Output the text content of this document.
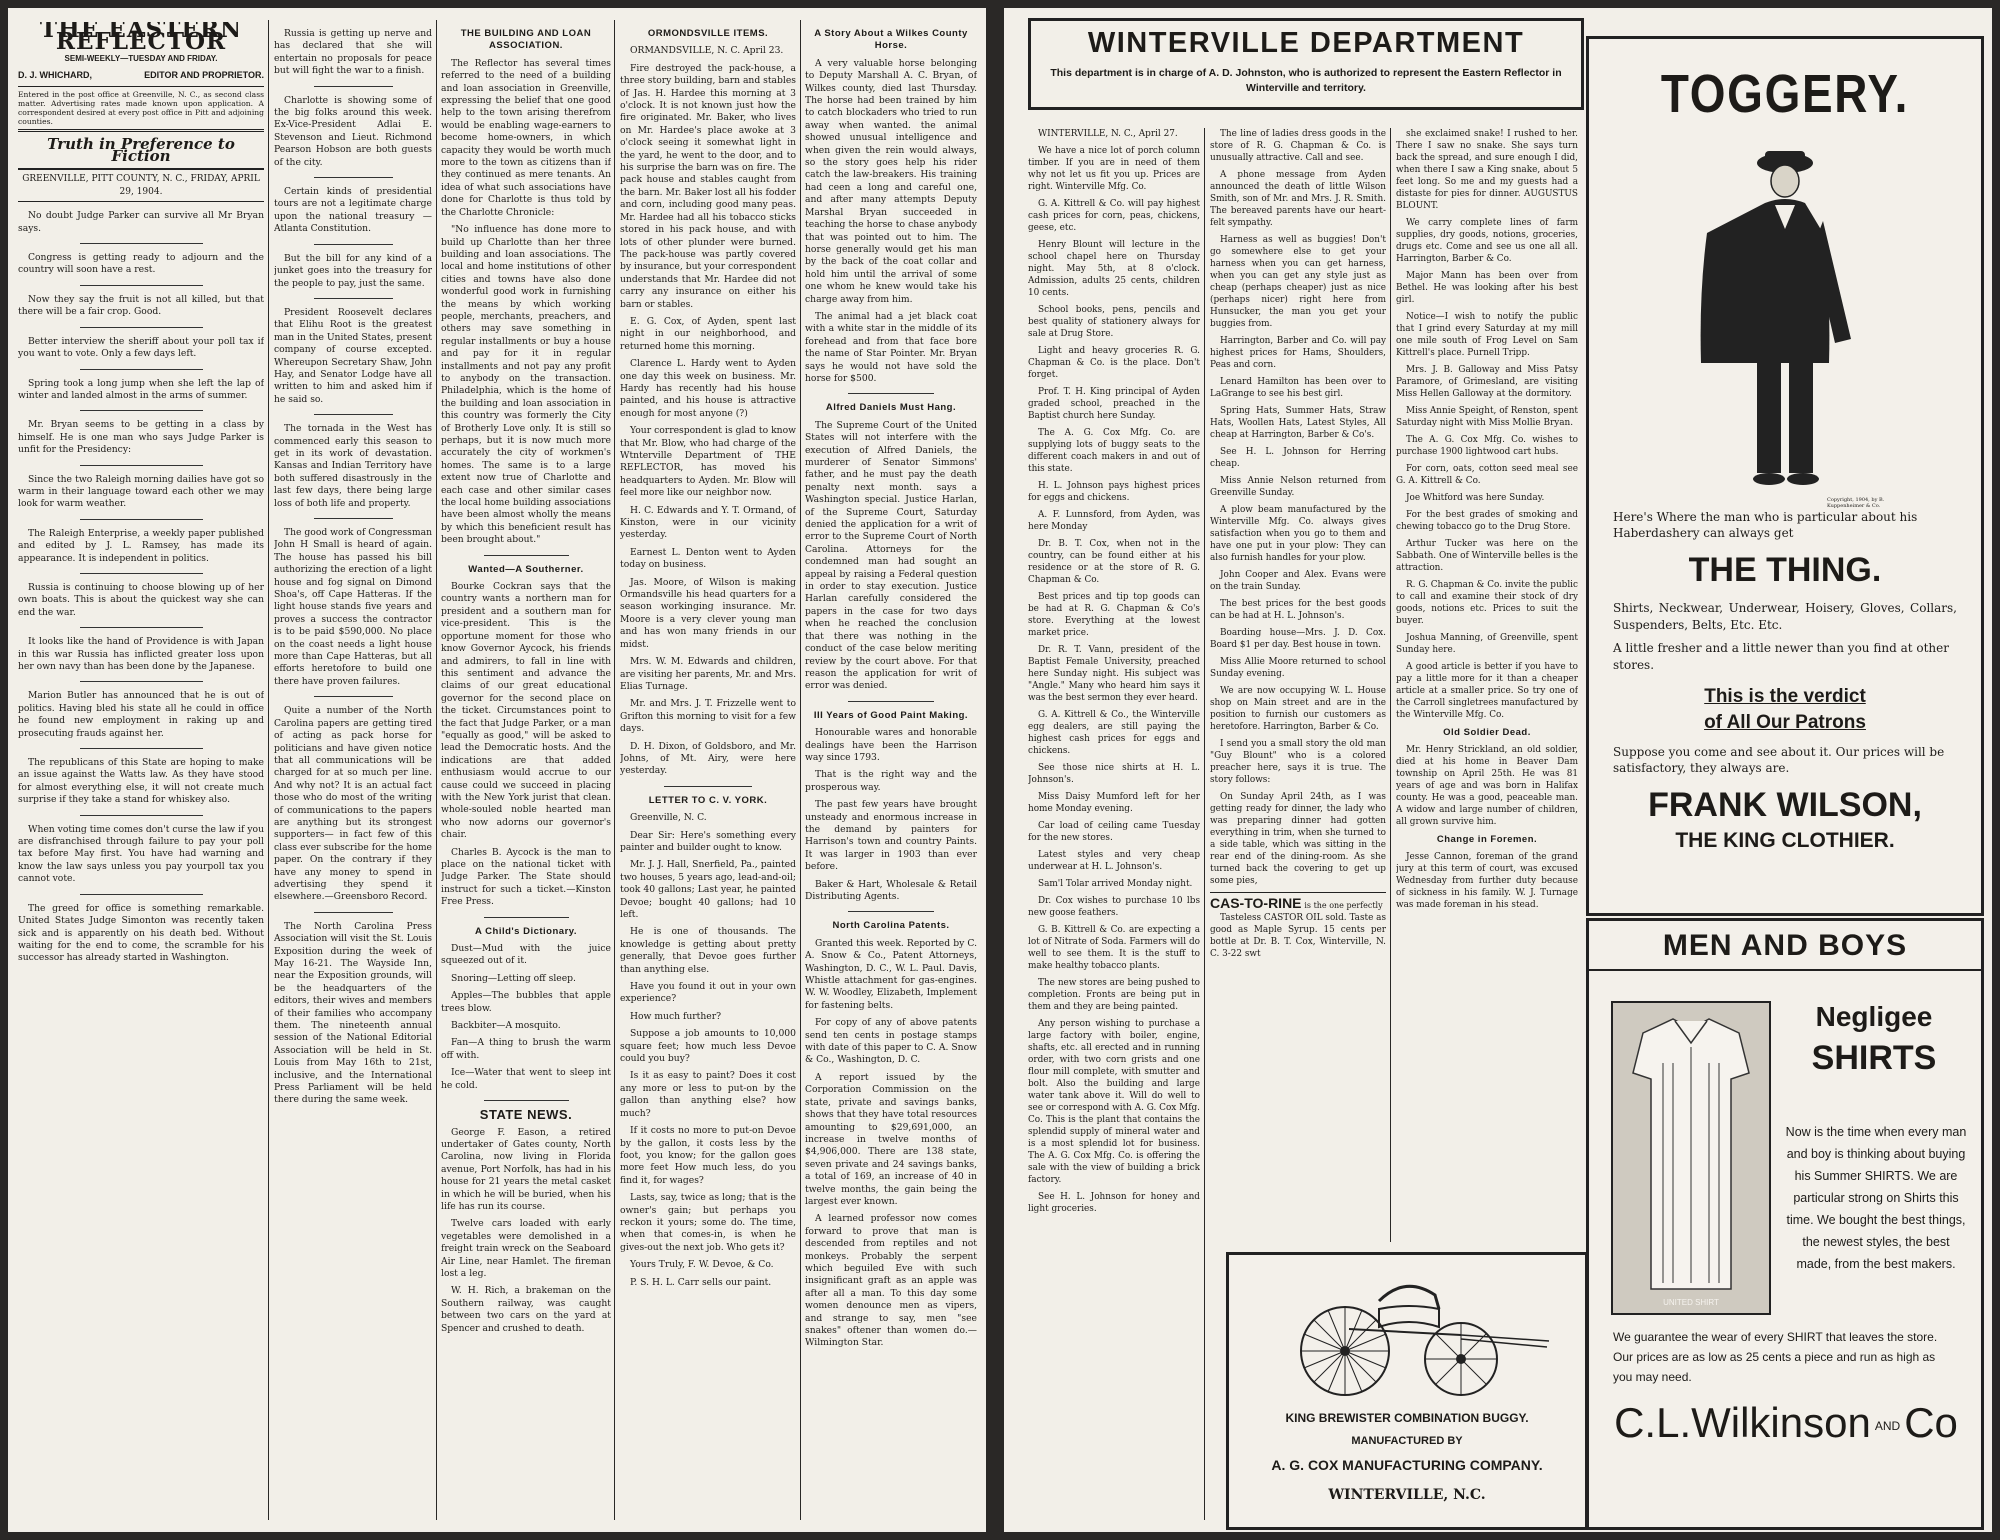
THE EASTERN REFLECTOR
SEMI-WEEKLY—TUESDAY AND FRIDAY.
D. J. WHICHARD,	EDITOR AND PROPRIETOR.
Entered in the post office at Greenville, N. C., as second class matter. Advertising rates made known upon application. A correspondent desired at every post office in Pitt and adjoining counties.
Truth in Preference to Fiction
GREENVILLE, PITT COUNTY, N. C., FRIDAY, APRIL 29, 1904.

No doubt Judge Parker can survive all Mr Bryan says.

Congress is getting ready to adjourn and the country will soon have a rest.

Now they say the fruit is not all killed, but that there will be a fair crop. Good.

Better interview the sheriff about your poll tax if you want to vote. Only a few days left.

Spring took a long jump when she left the lap of winter and landed almost in the arms of summer.

Mr. Bryan seems to be getting in a class by himself. He is one man who says Judge Parker is unfit for the Presidency:

Since the two Raleigh morning dailies have got so warm in their language toward each other we may look for warm weather.

The Raleigh Enterprise, a weekly paper published and edited by J. L. Ramsey, has made its appearance. It is independent in politics.

Russia is continuing to choose blowing up of her own boats. This is about the quickest way she can end the war.

It looks like the hand of Providence is with Japan in this war Russia has inflicted greater loss upon her own navy than has been done by the Japanese.

Marion Butler has announced that he is out of politics. Having bled his state all he could in office he found new employment in raking up and prosecuting frauds against her.

The republicans of this State are hoping to make an issue against the Watts law. As they have stood for almost everything else, it will not create much surprise if they take a stand for whiskey also.

When voting time comes don't curse the law if you are disfranchised through failure to pay your poll tax before May first. You have had warning and know the law says unless you pay yourpoll tax you cannot vote.

The greed for office is something remarkable. United States Judge Simonton was recently taken sick and is apparently on his death bed. Without waiting for the end to come, the scramble for his successor has already started in Washington.

Russia is getting up nerve and has declared that she will entertain no proposals for peace but will fight the war to a finish.

Charlotte is showing some of the big folks around this week. Ex-Vice-President Adlai E. Stevenson and Lieut. Richmond Pearson Hobson are both guests of the city.

Certain kinds of presidential tours are not a legitimate charge upon the national treasury —Atlanta Constitution.

But the bill for any kind of a junket goes into the treasury for the people to pay, just the same.

President Roosevelt declares that Elihu Root is the greatest man in the United States, present company of course excepted. Whereupon Secretary Shaw, John Hay, and Senator Lodge have all written to him and asked him if he said so.

The tornada in the West has commenced early this season to get in its work of devastation. Kansas and Indian Territory have both suffered disastrously in the last few days, there being large loss of both life and property.

The good work of Congressman John H Small is heard of again. The house has passed his bill authorizing the erection of a light house and fog signal on Dimond Shoa's, off Cape Hatteras. If the light house stands five years and proves a success the contractor is to be paid $590,000. No place on the coast needs a light house more than Cape Hatteras, but all efforts heretofore to build one there have proven failures.

Quite a number of the North Carolina papers are getting tired of acting as pack horse for politicians and have given notice that all communications will be charged for at so much per line. And why not? It is an actual fact those who do most of the writing of communications to the papers are anything but its strongest supporters— in fact few of this class ever subscribe for the home paper. On the contrary if they have any money to spend in advertising they spend it elsewhere.—Greensboro Record.

The North Carolina Press Association will visit the St. Louis Exposition during the week of May 16-21. The Wayside Inn, near the Exposition grounds, will be the headquarters of the editors, their wives and members of their families who accompany them. The nineteenth annual session of the National Editorial Association will be held in St. Louis from May 16th to 21st, inclusive, and the International Press Parliament will be held there during the same week.

THE BUILDING AND LOAN ASSOCIATION.

The Reflector has several times referred to the need of a building and loan association in Greenville, expressing the belief that one good help to the town arising therefrom would be enabling wage-earners to become home-owners, in which capacity they would be worth much more to the town as citizens than if they continued as mere tenants. An idea of what such associations have done for Charlotte is thus told by the Charlotte Chronicle:

"No influence has done more to build up Charlotte than her three building and loan associations. The local and home institutions of other cities and towns have also done wonderful good work in furnishing the means by which working people, merchants, preachers, and others may save something in regular installments or buy a house and pay for it in regular installments and not pay any profit to anybody on the transaction. Philadelphia, which is the home of the building and loan association in this country was formerly the City of Brotherly Love only. It is still so perhaps, but it is now much more accurately the city of workmen's homes. The same is to a large extent now true of Charlotte and each case and other similar cases the local home building associations have been almost wholly the means by which this beneficient result has been brought about."

Wanted—A Southerner.

Bourke Cockran says that the country wants a northern man for president and a southern man for vice-president. This is the opportune moment for those who know Governor Aycock, his friends and admirers, to fall in line with this sentiment and advance the claims of our great educational governor for the second place on the ticket. Circumstances point to the fact that Judge Parker, or a man "equally as good," will be asked to lead the Democratic hosts. And the indications are that added enthusiasm would accrue to our cause could we succeed in placing with the New York jurist that clean. whole-souled noble hearted man who now adorns our governor's chair.

Charles B. Aycock is the man to place on the national ticket with Judge Parker. The State should instruct for such a ticket.—Kinston Free Press.

A Child's Dictionary.

Dust—Mud with the juice squeezed out of it.

Snoring—Letting off sleep.

Apples—The bubbles that apple trees blow.

Backbiter—A mosquito.

Fan—A thing to brush the warm off with.

Ice—Water that went to sleep int he cold.

STATE NEWS.

George F. Eason, a retired undertaker of Gates county, North Carolina, now living in Florida avenue, Port Norfolk, has had in his house for 21 years the metal casket in which he will be buried, when his life has run its course.

Twelve cars loaded with early vegetables were demolished in a freight train wreck on the Seaboard Air Line, near Hamlet. The fireman lost a leg.

W. H. Rich, a brakeman on the Southern railway, was caught between two cars on the yard at Spencer and crushed to death.

ORMONDSVILLE ITEMS.

ORMANDSVILLE, N. C. April 23.

Fire destroyed the pack-house, a three story building, barn and stables of Jas. H. Hardee this morning at 3 o'clock. It is not known just how the fire originated. Mr. Baker, who lives on Mr. Hardee's place awoke at 3 o'clock seeing it somewhat light in the yard, he went to the door, and to his surprise the barn was on fire. The pack house and stables caught from the barn. Mr. Baker lost all his fodder and corn, including good many peas. Mr. Hardee had all his tobacco sticks stored in his pack house, and with lots of other plunder were burned. The pack-house was partly covered by insurance, but your correspondent understands that Mr. Hardee did not carry any insurance on either his barn or stables.

E. G. Cox, of Ayden, spent last night in our neighborhood, and returned home this morning.

Clarence L. Hardy went to Ayden one day this week on business. Mr. Hardy has recently had his house painted, and his house is attractive enough for most anyone (?)

Your correspondent is glad to know that Mr. Blow, who had charge of the Wtnterville Department of THE REFLECTOR, has moved his headquarters to Ayden. Mr. Blow will feel more like our neighbor now.

H. C. Edwards and Y. T. Ormand, of Kinston, were in our vicinity yesterday.

Earnest L. Denton went to Ayden today on business.

Jas. Moore, of Wilson is making Ormandsville his head quarters for a season workinging insurance. Mr. Moore is a very clever young man and has won many friends in our midst.

Mrs. W. M. Edwards and children, are visiting her parents, Mr. and Mrs. Elias Turnage.

Mr. and Mrs. J. T. Frizzelle went to Grifton this morning to visit for a few days.

D. H. Dixon, of Goldsboro, and Mr. Johns, of Mt. Airy, were here yesterday.

LETTER TO C. V. YORK.

Greenville, N. C.

Dear Sir: Here's something every painter and builder ought to know.

Mr. J. J. Hall, Snerfield, Pa., painted two houses, 5 years ago, lead-and-oil; took 40 gallons; Last year, he painted Devoe; bought 40 gallons; had 10 left.

He is one of thousands. The knowledge is getting about pretty generally, that Devoe goes further than anything else.

Have you found it out in your own experience?

How much further?

Suppose a job amounts to 10,000 square feet; how much less Devoe could you buy?

Is it as easy to paint? Does it cost any more or less to put-on by the gallon than anything else? how much?

If it costs no more to put-on Devoe by the gallon, it costs less by the foot, you know; for the gallon goes more feet How much less, do you find it, for wages?

Lasts, say, twice as long; that is the owner's gain; but perhaps you reckon it yours; some do. The time, when that comes-in, is when he gives-out the next job. Who gets it?

Yours Truly, F. W. Devoe, & Co.

P. S. H. L. Carr sells our paint.

A Story About a Wilkes County Horse.

A very valuable horse belonging to Deputy Marshall A. C. Bryan, of Wilkes county, died last Thursday. The horse had been trained by him to catch blockaders who tried to run away when wanted. the animal showed unusual intelligence and when given the rein would always, so the story goes help his rider catch the law-breakers. His training had ceen a long and careful one, and after many attempts Deputy Marshal Bryan succeeded in teaching the horse to chase anybody that was pointed out to him. The horse generally would get his man by the back of the coat collar and hold him until the arrival of some one whom he knew would take his charge away from him.

The animal had a jet black coat with a white star in the middle of its forehead and from that face bore the name of Star Pointer. Mr. Bryan says he would not have sold the horse for $500.

Alfred Daniels Must Hang.

The Supreme Court of the United States will not interfere with the execution of Alfred Daniels, the murderer of Senator Simmons' father, and he must pay the death penalty next month. says a Washington special. Justice Harlan, of the Supreme Court, Saturday denied the application for a writ of error to the Supreme Court of North Carolina. Attorneys for the condemned man had sought an appeal by raising a Federal question in order to stay execution. Justice Harlan carefully considered the papers in the case for two days when he reached the conclusion that there was nothing in the conduct of the case below meriting review by the court above. For that reason the application for writ of error was denied.

III Years of Good Paint Making.

Honourable wares and honorable dealings have been the Harrison way since 1793.

That is the right way and the prosperous way.

The past few years have brought unsteady and enormous increase in the demand by painters for Harrison's town and country Paints. It was larger in 1903 than ever before.

Baker & Hart, Wholesale & Retail Distributing Agents.

North Carolina Patents.

Granted this week. Reported by C. A. Snow & Co., Patent Attorneys, Washington, D. C., W. L. Paul. Davis, Whistle attachment for gas-engines. W. W. Woodley, Elizabeth, Implement for fastening belts.

For copy of any of above patents send ten cents in postage stamps with date of this paper to C. A. Snow & Co., Washington, D. C.

A report issued by the Corporation Commission on the state, private and savings banks, shows that they have total resources amounting to $29,691,000, an increase in twelve months of $4,906,000. There are 138 state, seven private and 24 savings banks, a total of 169, an increase of 40 in twelve months, the gain being the largest ever known.

A learned professor now comes forward to prove that man is descended from reptiles and not monkeys. Probably the serpent which beguiled Eve with such insignificant graft as an apple was after all a man. To this day some women denounce men as vipers, and strange to say, men "see snakes" oftener than women do.—Wilmington Star.

WINTERVILLE DEPARTMENT
This department is in charge of A. D. Johnston, who is authorized to represent the Eastern Reflector in Winterville and territory.

WINTERVILLE, N. C., April 27.

We have a nice lot of porch column timber. If you are in need of them why not let us fit you up. Prices are right. Winterville Mfg. Co.

G. A. Kittrell & Co. will pay highest cash prices for corn, peas, chickens, geese, etc.

Henry Blount will lecture in the school chapel here on Thursday night. May 5th, at 8 o'clock. Admission, adults 25 cents, children 10 cents.

School books, pens, pencils and best quality of stationery always for sale at Drug Store.

Light and heavy groceries R. G. Chapman & Co. is the place. Don't forget.

Prof. T. H. King principal of Ayden graded school, preached in the Baptist church here Sunday.

The A. G. Cox Mfg. Co. are supplying lots of buggy seats to the different coach makers in and out of this state.

H. L. Johnson pays highest prices for eggs and chickens.

A. F. Lunnsford, from Ayden, was here Monday

Dr. B. T. Cox, when not in the country, can be found either at his residence or at the store of R. G. Chapman & Co.

Best prices and tip top goods can be had at R. G. Chapman & Co's store. Everything at the lowest market price.

Dr. R. T. Vann, president of the Baptist Female University, preached here Sunday night. His subject was "Angle." Many who heard him says it was the best sermon they ever heard.

G. A. Kittrell & Co., the Winterville egg dealers, are still paying the highest cash prices for eggs and chickens.

See those nice shirts at H. L. Johnson's.

Miss Daisy Mumford left for her home Monday evening.

Car load of ceiling came Tuesday for the new stores.

Latest styles and very cheap underwear at H. L. Johnson's.

Sam'l Tolar arrived Monday night.

Dr. Cox wishes to purchase 10 lbs new goose feathers.

G. B. Kittrell & Co. are expecting a lot of Nitrate of Soda. Farmers will do well to see them. It is the stuff to make healthy tobacco plants.

The new stores are being pushed to completion. Fronts are being put in them and they are being painted.

Any person wishing to purchase a large factory with boiler, engine, shafts, etc. all erected and in running order, with two corn grists and one flour mill complete, with smutter and bolt. Also the building and large water tank above it. Will do well to see or correspond with A. G. Cox Mfg. Co. This is the plant that contains the splendid supply of mineral water and is a most splendid lot for business. The A. G. Cox Mfg. Co. is offering the sale with the view of building a brick factory.

See H. L. Johnson for honey and light groceries.

The line of ladies dress goods in the store of R. G. Chapman & Co. is unusually attractive. Call and see.

A phone message from Ayden announced the death of little Wilson Smith, son of Mr. and Mrs. J. R. Smith. The bereaved parents have our heart-felt sympathy.

Harness as well as buggies! Don't go somewhere else to get your harness when you can get harness, when you can get any style just as cheap (perhaps cheaper) just as nice (perhaps nicer) right here from Hunsucker, the man you get your buggies from.

Harrington, Barber and Co. will pay highest prices for Hams, Shoulders, Peas and corn.

Lenard Hamilton has been over to LaGrange to see his best girl.

Spring Hats, Summer Hats, Straw Hats, Woollen Hats, Latest Styles, All cheap at Harrington, Barber & Co's.

See H. L. Johnson for Herring cheap.

Miss Annie Nelson returned from Greenville Sunday.

A plow beam manufactured by the Winterville Mfg. Co. always gives satisfaction when you go to them and have one put in your plow: They can also furnish handles for your plow.

John Cooper and Alex. Evans were on the train Sunday.

The best prices for the best goods can be had at H. L. Johnson's.

Boarding house—Mrs. J. D. Cox. Board $1 per day. Best house in town.

Miss Allie Moore returned to school Sunday evening.

We are now occupying W. L. House shop on Main street and are in the position to furnish our customers as heretofore. Harrington, Barber & Co.

I send you a small story the old man "Guy Blount" who is a colored preacher here, says it is true. The story follows:

On Sunday April 24th, as I was getting ready for dinner, the lady who was preparing dinner had gotten everything in trim, when she turned to a side table, which was sitting in the rear end of the dining-room. As she turned back the covering to get up some pies,

CAS-TO-RINE is the one perfectly

Tasteless CASTOR OIL sold. Taste as good as Maple Syrup. 15 cents per bottle at Dr. B. T. Cox, Winterville, N. C. 3-22 swt

she exclaimed snake! I rushed to her. There I saw no snake. She says turn back the spread, and sure enough I did, when there I saw a King snake, about 5 feet long. So me and my guests had a distaste for pies for dinner. AUGUSTUS BLOUNT.

We carry complete lines of farm supplies, dry goods, notions, groceries, drugs etc. Come and see us one all all. Harrington, Barber & Co.

Major Mann has been over from Bethel. He was looking after his best girl.

Notice—I wish to notify the public that I grind every Saturday at my mill one mile south of Frog Level on Sam Kittrell's place. Purnell Tripp.

Mrs. J. B. Galloway and Miss Patsy Paramore, of Grimesland, are visiting Miss Hellen Galloway at the dormitory.

Miss Annie Speight, of Renston, spent Saturday night with Miss Mollie Bryan.

The A. G. Cox Mfg. Co. wishes to purchase 1900 lightwood cart hubs.

For corn, oats, cotton seed meal see G. A. Kittrell & Co.

Joe Whitford was here Sunday.

For the best grades of smoking and chewing tobacco go to the Drug Store.

Arthur Tucker was here on the Sabbath. One of Winterville belles is the attraction.

R. G. Chapman & Co. invite the public to call and examine their stock of dry goods, notions etc. Prices to suit the buyer.

Joshua Manning, of Greenville, spent Sunday here.

A good article is better if you have to pay a little more for it than a cheaper article at a smaller price. So try one of the Carroll singletrees manufactured by the Winterville Mfg. Co.

Old Soldier Dead.

Mr. Henry Strickland, an old soldier, died at his home in Beaver Dam township on April 25th. He was 81 years of age and was born in Halifax county. He was a good, peaceable man. A widow and large number of children, all grown survive him.

Change in Foremen.

Jesse Cannon, foreman of the grand jury at this term of court, was excused Wednesday from further duty because of sickness in his family. W. J. Turnage was made foreman in his stead.

KING BREWISTER COMBINATION BUGGY.
MANUFACTURED BY
A. G. COX MANUFACTURING COMPANY.
WINTERVILLE, N.C.
TOGGERY.
Copyright, 1904, by B. Kuppenheimer & Co.
Here's Where the man who is particular about his Haberdashery can always get
THE THING.
Shirts, Neckwear, Underwear, Hoisery, Gloves, Collars, Suspenders, Belts, Etc. Etc.
A little fresher and a little newer than you find at other stores.
This is the verdict
of All Our Patrons
Suppose you come and see about it. Our prices will be satisfactory, they always are.
FRANK WILSON,
THE KING CLOTHIER.
MEN AND BOYS
UNITED SHIRT
Negligee
SHIRTS
Now is the time when every man and boy is thinking about buying his Summer SHIRTS. We are particular strong on Shirts this time. We bought the best things, the newest styles, the best made, from the best makers.
We guarantee the wear of every SHIRT that leaves the store. Our prices are as low as 25 cents a piece and run as high as you may need.
C.L.Wilkinson ANDCo
